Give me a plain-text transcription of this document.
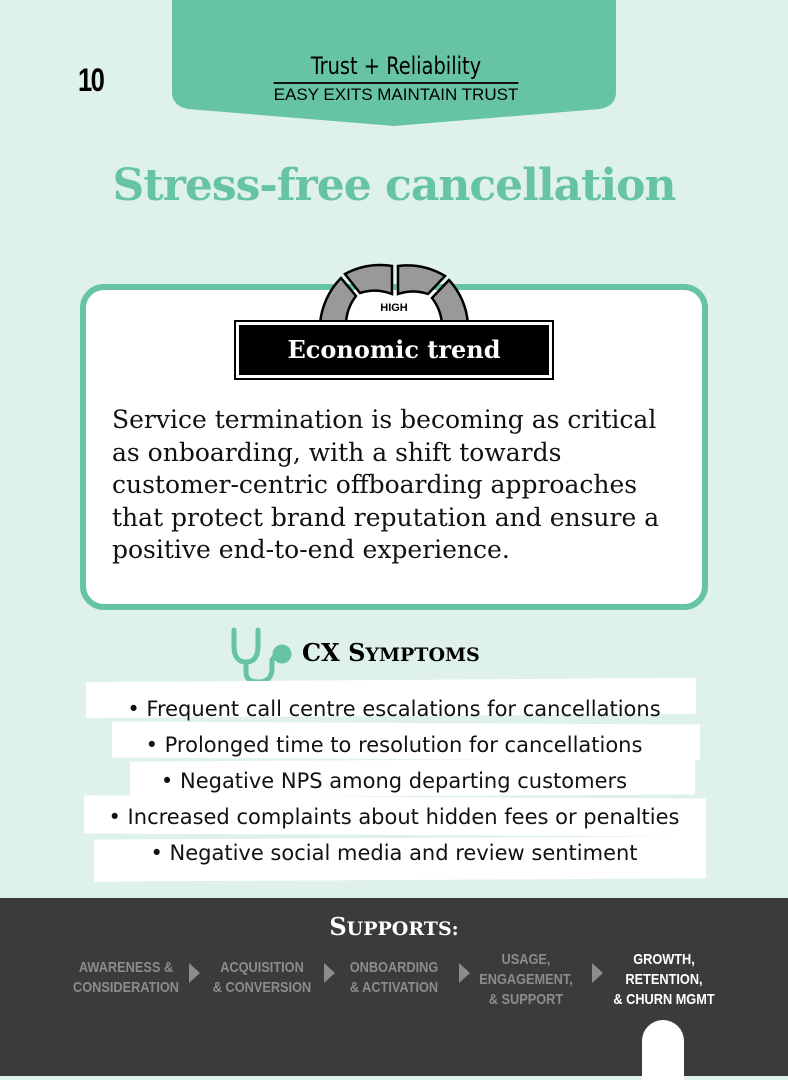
10	Trust + Reliability
EASY EXITS MAINTAIN TRUST
Stress-free cancellation
HIGH
Economic trend
Service termination is becoming as critical as onboarding, with a shift towards customer-centric offboarding approaches that protect brand reputation and ensure a positive end-to-end experience.
CX SYMPTOMS
• Frequent call centre escalations for cancellations
• Prolonged time to resolution for cancellations
• Negative NPS among departing customers
• Increased complaints about hidden fees or penalties
• Negative social media and review sentiment
SUPPORTS:
AWARENESS &
CONSIDERATION
ACQUISITION
& CONVERSION
ONBOARDING
& ACTIVATION
USAGE,
ENGAGEMENT,
& SUPPORT
GROWTH,
RETENTION,
& CHURN MGMT
